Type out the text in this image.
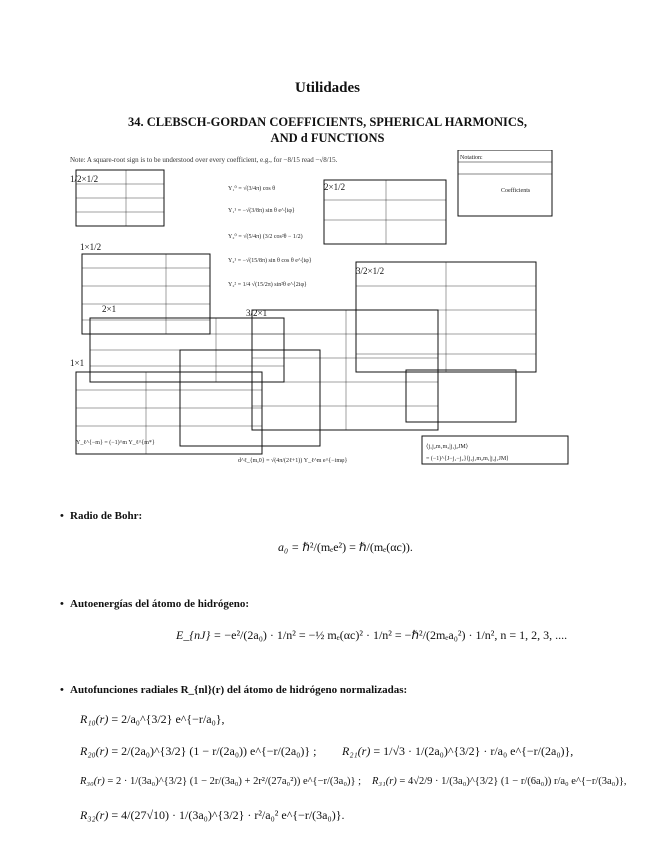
Utilidades
34. CLEBSCH-GORDAN COEFFICIENTS, SPHERICAL HARMONICS,
AND d FUNCTIONS
Note: A square-root sign is to be understood over every coefficient, e.g., for −8/15 read −√8/15.	Notation:
Coefficients
1/2×1/2
1×1/2
2×1/2
2×1
1×1
3/2×1/2
3/2×1
Y₁⁰ = √(3/4π) cos θ
Y₁¹ = −√(3/8π) sin θ e^{iφ}
Y₂⁰ = √(5/4π) (3/2 cos²θ − 1/2)
Y₂¹ = −√(15/8π) sin θ cos θ e^{iφ}
Y₂² = 1/4 √(15/2π) sin²θ e^{2iφ}
Y_ℓ^{−m} = (−1)^m Y_ℓ^{m*}
d^ℓ_{m,0} = √(4π/(2ℓ+1)) Y_ℓ^m e^{−imφ}
⟨j₁j₂m₁m₂|j₁j₂JM⟩
= (−1)^{J−j₁−j₂}⟨j₂j₁m₂m₁|j₂j₁JM⟩
• Radio de Bohr:
a₀ = ℏ²/(mₑe²) = ℏ/(mₑ(αc)).
• Autoenergías del átomo de hidrógeno:
E_{nJ} = −e²/(2a₀) · 1/n² = −½ mₑ(αc)² · 1/n² = −ℏ²/(2mₑa₀²) · 1/n², n = 1, 2, 3, ....
• Autofunciones radiales R_{nl}(r) del átomo de hidrógeno normalizadas:
R₁₀(r) = 2/a₀^{3/2} e^{−r/a₀},
R₂₀(r) = 2/(2a₀)^{3/2} (1 − r/(2a₀)) e^{−r/(2a₀)} ; R₂₁(r) = 1/√3 · 1/(2a₀)^{3/2} · r/a₀ e^{−r/(2a₀)},
R₃₀(r) = 2 · 1/(3a₀)^{3/2} (1 − 2r/(3a₀) + 2r²/(27a₀²)) e^{−r/(3a₀)} ; R₃₁(r) = 4√2/9 · 1/(3a₀)^{3/2} (1 − r/(6a₀)) r/a₀ e^{−r/(3a₀)},
R₃₂(r) = 4/(27√10) · 1/(3a₀)^{3/2} · r²/a₀² e^{−r/(3a₀)}.
